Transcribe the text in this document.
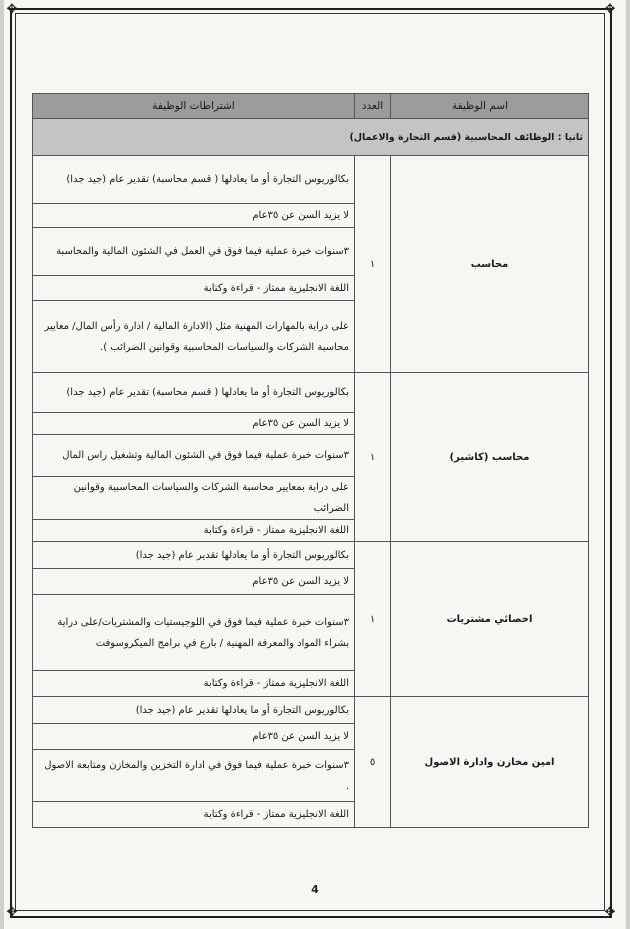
✥	✥
✥	✥
اسم الوظيفة	العدد	اشتراطات الوظيفة
ثانيا : الوظائف المحاسبية (قسم التجارة والاعمال)		
محاسب	١	بكالوريوس التجارة أو ما يعادلها ( قسم محاسبة) تقدير عام (جيد جدا)
		لا يزيد السن عن ٣٥عام
		٣سنوات خبرة عملية فيما فوق في العمل في الشئون المالية والمحاسبة
		اللغة الانجليزية ممتاز - قراءة وكتابة
		على دراية بالمهارات المهنية مثل (الادارة المالية / ادارة رأس المال/ معايير محاسبة الشركات والسياسات المحاسبية وقوانين الضرائب ).
محاسب (كاشير)	١	بكالوريوس التجارة أو ما يعادلها ( قسم محاسبة) تقدير عام (جيد جدا)
		لا يزيد السن عن ٣٥عام
		٣سنوات خبرة عملية فيما فوق في الشئون المالية وتشغيل راس المال
		على دراية بمعايير محاسبة الشركات والسياسات المحاسبية وقوانين الضرائب
		اللغة الانجليزية ممتاز - قراءة وكتابة
اخصائي مشتريات	١	بكالوريوس التجارة أو ما يعادلها تقدير عام (جيد جدا)
		لا يزيد السن عن ٣٥عام
		٣سنوات خبرة عملية فيما فوق في اللوجيستيات والمشتريات/على دراية بشراء المواد والمعرفة المهنية / بارع في برامج الميكروسوفت
		اللغة الانجليزية ممتاز - قراءة وكتابة
امين مخازن وادارة الاصول	٥	بكالوريوس التجارة أو ما يعادلها تقدير عام (جيد جدا)
		لا يزيد السن عن ٣٥عام
		٣سنوات خبرة عملية فيما فوق في ادارة التخزين والمخازن ومتابعة الاصول .
		اللغة الانجليزية ممتاز - قراءة وكتابة
4
